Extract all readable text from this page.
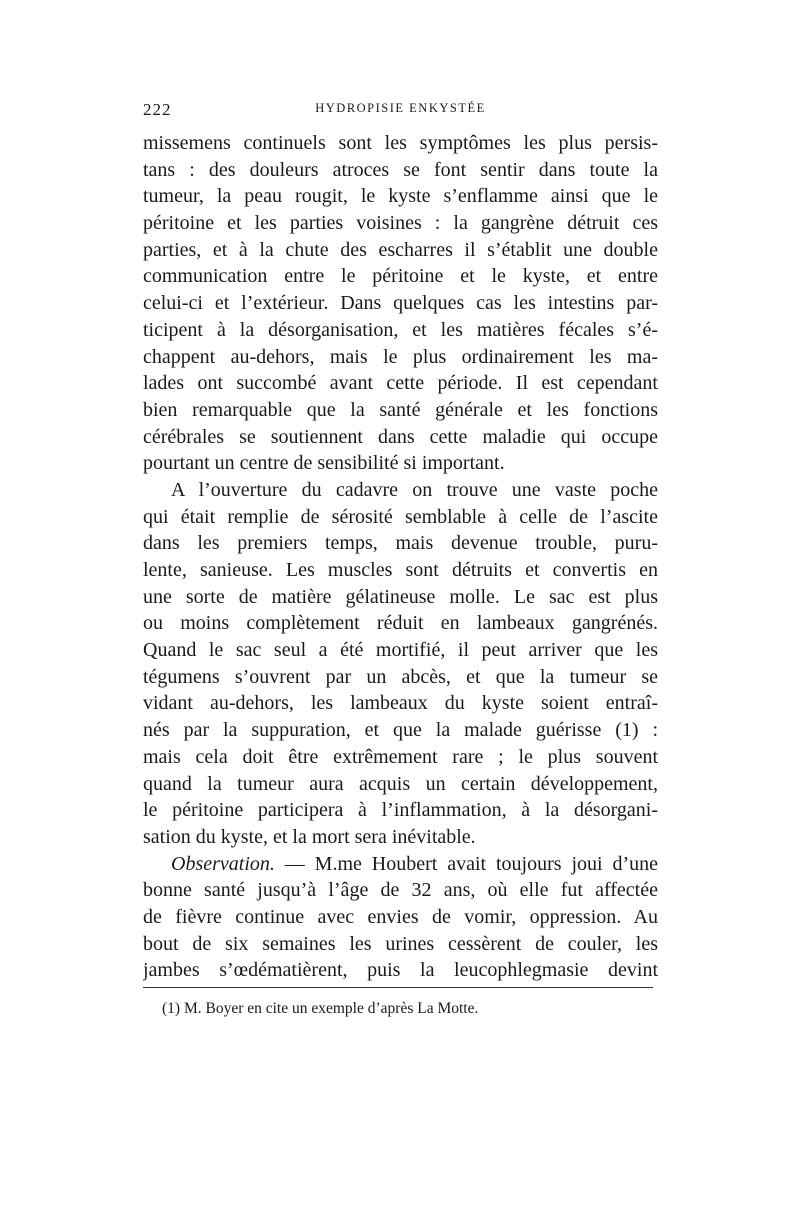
222	HYDROPISIE ENKYSTÉE
missemens continuels sont les symptômes les plus persis-
tans : des douleurs atroces se font sentir dans toute la
tumeur, la peau rougit, le kyste s’enflamme ainsi que le
péritoine et les parties voisines : la gangrène détruit ces
parties, et à la chute des escharres il s’établit une double
communication entre le péritoine et le kyste, et entre
celui-ci et l’extérieur. Dans quelques cas les intestins par-
ticipent à la désorganisation, et les matières fécales s’é-
chappent au-dehors, mais le plus ordinairement les ma-
lades ont succombé avant cette période. Il est cependant
bien remarquable que la santé générale et les fonctions
cérébrales se soutiennent dans cette maladie qui occupe
pourtant un centre de sensibilité si important.
A l’ouverture du cadavre on trouve une vaste poche
qui était remplie de sérosité semblable à celle de l’ascite
dans les premiers temps, mais devenue trouble, puru-
lente, sanieuse. Les muscles sont détruits et convertis en
une sorte de matière gélatineuse molle. Le sac est plus
ou moins complètement réduit en lambeaux gangrénés.
Quand le sac seul a été mortifié, il peut arriver que les
tégumens s’ouvrent par un abcès, et que la tumeur se
vidant au-dehors, les lambeaux du kyste soient entraî-
nés par la suppuration, et que la malade guérisse (1) :
mais cela doit être extrêmement rare ; le plus souvent
quand la tumeur aura acquis un certain développement,
le péritoine participera à l’inflammation, à la désorgani-
sation du kyste, et la mort sera inévitable.
Observation. — M.me Houbert avait toujours joui d’une
bonne santé jusqu’à l’âge de 32 ans, où elle fut affectée
de fièvre continue avec envies de vomir, oppression. Au
bout de six semaines les urines cessèrent de couler, les
jambes s’œdématièrent, puis la leucophlegmasie devint
(1) M. Boyer en cite un exemple d’après La Motte.
